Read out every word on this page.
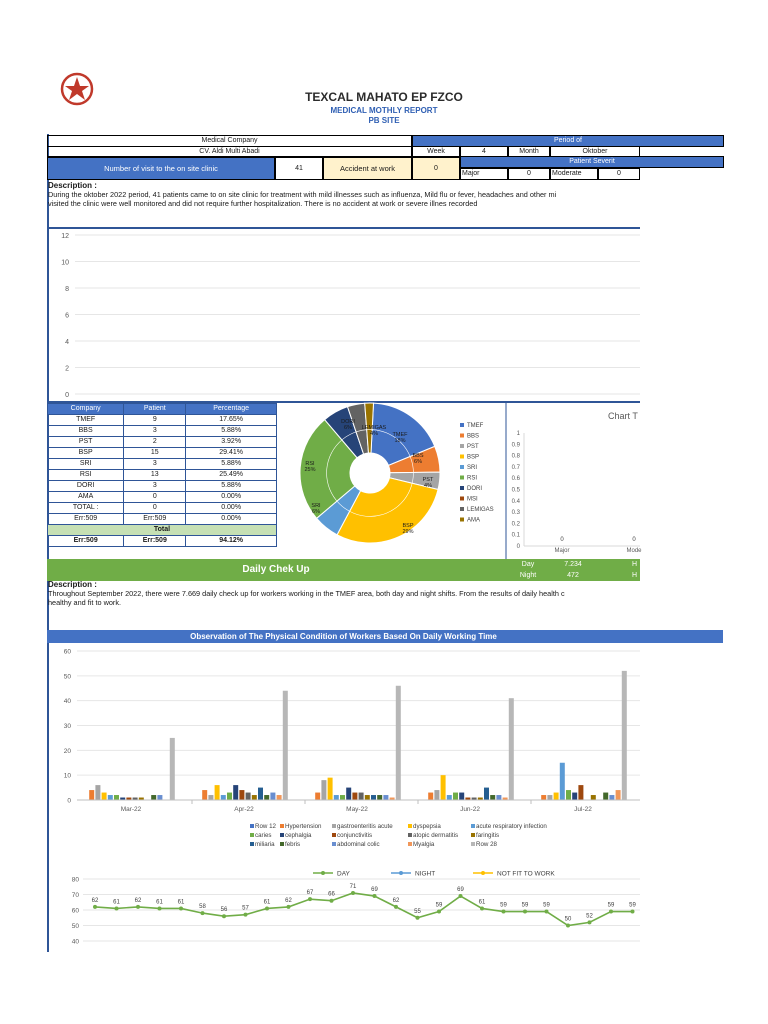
TEXCAL MAHATO EP FZCO
MEDICAL MOTHLY REPORT
PB SITE
Medical Company	Period of
CV. Aldi Multi Abadi	Week	4	Month	Oktober
Patient Severit
Number of visit to the on site clinic	41	Accident at work	0
Major	0	Moderate	0
Description :
During the oktober 2022 period, 41 patients came to on site clinic for treatment with mild illnesses such as influenza, Mild flu or fever, headaches and other mi
visited the clinic were well monitored and did not require further hospitalization. There is no accident at work or severe illnes recorded
12
10
8
6
4
2
0
Company	Patient	Percentage
TMEF	9	17.65%
BBS	3	5.88%
PST	2	3.92%
BSP	15	29.41%
SRI	3	5.88%
RSI	13	25.49%
DORI	3	5.88%
AMA	0	0.00%
TOTAL :	0	0.00%
Err:509	Err:509	0.00%
Total		
Err:509	Err:509	94.12%
TMEF 18%
BBS 6%
PST 4%
BSP 29%
SRI 6%
RSI 25%
DORI 6%	LEMIGAS 4%
TMEF
BBS
PST
BSP
SRI
RSI
DORI
MSI
LEMIGAS
AMA
Chart T
1
0.9
0.8
0.7
0.6
0.5
0.4
0.3
0.2
0.1
0
0
Major
0
Mode
Daily Chek Up	Day	7.234	H
Night	472	H
Description :
Throughout September 2022, there were 7.669 daily check up for workers working in the TMEF area, both day and night shifts. From the results of daily health c
healthy and fit to work.
Observation of The Physical Condition of Workers Based On Daily Working Time
60
50
40
30
20
10
0
Mar-22	Apr-22	May-22	Jun-22	Jul-22
Row 12 Hypertension	gastroenteritis acute	dyspepsia	acute respiratory infection
caries cephalgia	conjunctivitis	atopic dermatitis	faringitis
miliaria febris	abdominal colic	Myalgia	Row 28
80
70
60
50
40
DAY	NIGHT	NOT FIT TO WORK
62 61 62 61 61
58
56 57
61 62
67 66
71
69
62
55
59
69
61
59 59 59
50
52
59 59
